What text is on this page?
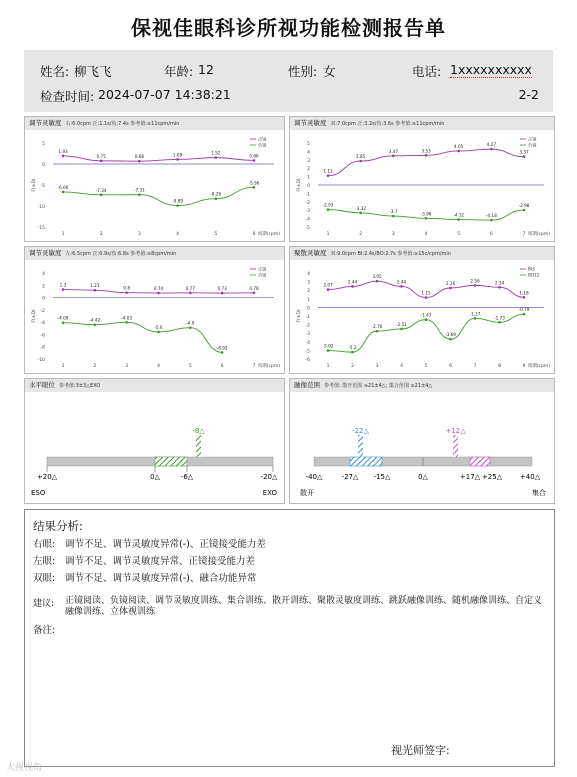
保视佳眼科诊所视功能检测报告单
姓名: 柳飞飞	年龄: 12	性别: 女	电话: 1xxxxxxxxxx
检查时间: 2024-07-07 14:38:21	2-2
调节灵敏度 右:6.0cpm 正:1.1s/负:7.4s 参考值:≥11cpm/min
5
0
-5
-10
-15
F(±D)
1	2	3	4	5	6 周期(cpm)
1.93
0.75	0.68	1.09	1.52
0.86
正镜
-6.66
-7.34	-7.31
-9.89
-8.26
-5.56
负镜
调节灵敏度 双:7.0cpm 正:3.2s/负:3.6s 参考值:≥11cpm/min
5
4
3
2
1
0
-1
-2
-3
-4
-5
F(±D)
1	2	3	4	5	6	7 周期(cpm)
1.11
2.85
3.47	3.53
4.05	4.27
3.37
正镜
-2.93
-3.32
-3.7	-3.96	-4.12	-4.18
-2.98
负镜
调节灵敏度 左:6.5cpm 正:0.9s/负:6.8s 参考值:≥8cpm/min
4
2
0
-2
-4
-6
-8
-10
F(±D)
1	2	3	4	5	6	7 周期(cpm)
1.3	1.21
0.8	0.74	0.77	0.73	0.78
正镜
-4.09	-4.42	-4.03
-5.6
-4.9
-8.92
负镜
聚散灵敏度 双:9.0cpm BI:2.4s/BO:2.7s 参考值:≥15c/cpm/min
4
3
2
1
0
-1
-2
-3
-4
-5
-6
F(±D)
1	2	3	4	5	6	7	8	9 周期(cpm)
2.07
2.44
3.05
2.44
1.15
2.26
2.56	2.34
1.18
BI3
-5.02	-5.2
-2.76	-2.51
-1.43
-3.69
-1.27
-1.73
-0.79
BO12
水平眼位 参考值:3±3△EXO
-8△
+20△	0△	-6△	-20△
ESO	EXO
融像范围 参考值: 散开范围 ≥21±4△; 集合范围 ≥21±4△
-22△	+12△
-40△	-27△ -15△	0△	+17△ +25△	+40△
散开	集合
结果分析:
右眼: 调节不足、调节灵敏度异常(-)、正镜接受能力差
左眼: 调节不足、调节灵敏度异常、正镜接受能力差
双眼: 调节不足、调节灵敏度异常(-)、融合功能异常
建议: 正镜阅读、负镜阅读、调节灵敏度训练、集合训练、散开训练、聚散灵敏度训练、跳跃融像训练、随机融像训练、自定义融像训练、立体视训练
备注:
视光师签字:
大视视角
